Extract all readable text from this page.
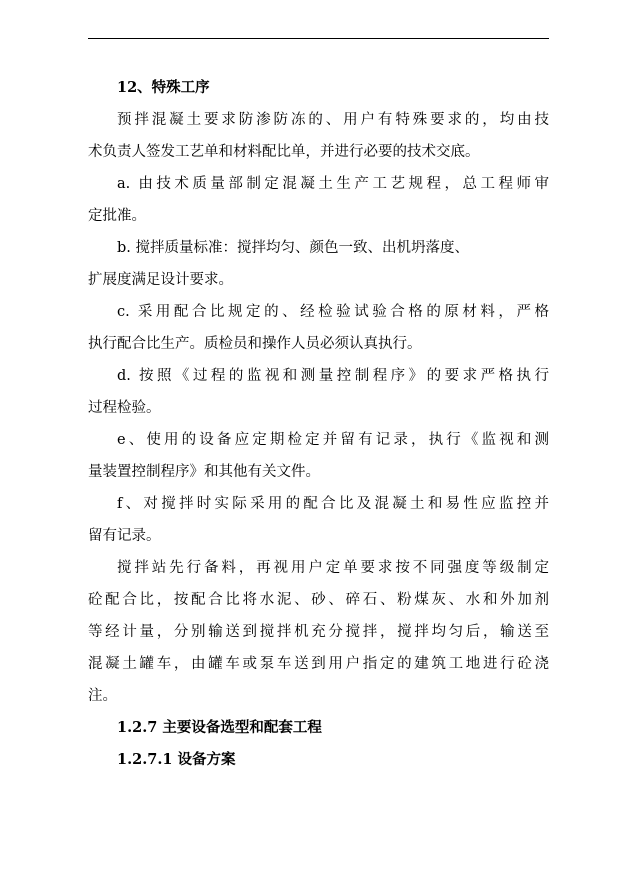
12、特殊工序
预拌混凝土要求防渗防冻的、用户有特殊要求的，均由技
术负责人签发工艺单和材料配比单，并进行必要的技术交底。
a. 由技术质量部制定混凝土生产工艺规程，总工程师审
定批准。
b. 搅拌质量标准：搅拌均匀、颜色一致、出机坍落度、
扩展度满足设计要求。
c. 采用配合比规定的、经检验试验合格的原材料，严格
执行配合比生产。质检员和操作人员必须认真执行。
d. 按照《过程的监视和测量控制程序》的要求严格执行
过程检验。
e、使用的设备应定期检定并留有记录，执行《监视和测
量装置控制程序》和其他有关文件。
f、对搅拌时实际采用的配合比及混凝土和易性应监控并
留有记录。
搅拌站先行备料，再视用户定单要求按不同强度等级制定
砼配合比，按配合比将水泥、砂、碎石、粉煤灰、水和外加剂
等经计量，分别输送到搅拌机充分搅拌，搅拌均匀后，输送至
混凝土罐车，由罐车或泵车送到用户指定的建筑工地进行砼浇
注。
1.2.7 主要设备选型和配套工程
1.2.7.1 设备方案
